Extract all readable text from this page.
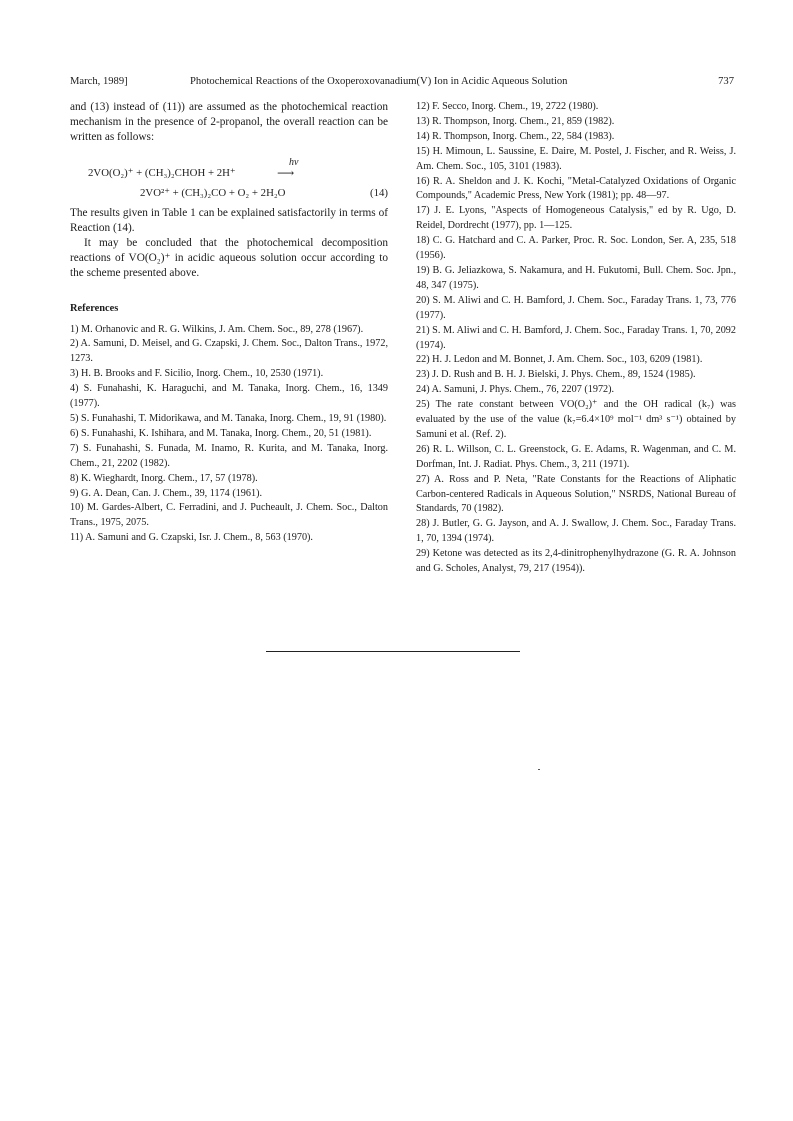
March, 1989]	Photochemical Reactions of the Oxoperoxovanadium(V) Ion in Acidic Aqueous Solution	737

and (13) instead of (11)) are assumed as the photochemical reaction mechanism in the presence of 2-propanol, the overall reaction can be written as follows:

2VO(O₂)⁺ + (CH₃)₂CHOH + 2H⁺
hν
⟶
2VO²⁺ + (CH₃)₂CO + O₂ + 2H₂O	(14)

The results given in Table 1 can be explained satisfactorily in terms of Reaction (14).

It may be concluded that the photochemical decomposition reactions of VO(O₂)⁺ in acidic aqueous solution occur according to the scheme presented above.

References

1) M. Orhanovic and R. G. Wilkins, J. Am. Chem. Soc., 89, 278 (1967).

2) A. Samuni, D. Meisel, and G. Czapski, J. Chem. Soc., Dalton Trans., 1972, 1273.

3) H. B. Brooks and F. Sicilio, Inorg. Chem., 10, 2530 (1971).

4) S. Funahashi, K. Haraguchi, and M. Tanaka, Inorg. Chem., 16, 1349 (1977).

5) S. Funahashi, T. Midorikawa, and M. Tanaka, Inorg. Chem., 19, 91 (1980).

6) S. Funahashi, K. Ishihara, and M. Tanaka, Inorg. Chem., 20, 51 (1981).

7) S. Funahashi, S. Funada, M. Inamo, R. Kurita, and M. Tanaka, Inorg. Chem., 21, 2202 (1982).

8) K. Wieghardt, Inorg. Chem., 17, 57 (1978).

9) G. A. Dean, Can. J. Chem., 39, 1174 (1961).

10) M. Gardes-Albert, C. Ferradini, and J. Pucheault, J. Chem. Soc., Dalton Trans., 1975, 2075.

11) A. Samuni and G. Czapski, Isr. J. Chem., 8, 563 (1970).

12) F. Secco, Inorg. Chem., 19, 2722 (1980).

13) R. Thompson, Inorg. Chem., 21, 859 (1982).

14) R. Thompson, Inorg. Chem., 22, 584 (1983).

15) H. Mimoun, L. Saussine, E. Daire, M. Postel, J. Fischer, and R. Weiss, J. Am. Chem. Soc., 105, 3101 (1983).

16) R. A. Sheldon and J. K. Kochi, "Metal-Catalyzed Oxidations of Organic Compounds," Academic Press, New York (1981); pp. 48—97.

17) J. E. Lyons, "Aspects of Homogeneous Catalysis," ed by R. Ugo, D. Reidel, Dordrecht (1977), pp. 1—125.

18) C. G. Hatchard and C. A. Parker, Proc. R. Soc. London, Ser. A, 235, 518 (1956).

19) B. G. Jeliazkowa, S. Nakamura, and H. Fukutomi, Bull. Chem. Soc. Jpn., 48, 347 (1975).

20) S. M. Aliwi and C. H. Bamford, J. Chem. Soc., Faraday Trans. 1, 73, 776 (1977).

21) S. M. Aliwi and C. H. Bamford, J. Chem. Soc., Faraday Trans. 1, 70, 2092 (1974).

22) H. J. Ledon and M. Bonnet, J. Am. Chem. Soc., 103, 6209 (1981).

23) J. D. Rush and B. H. J. Bielski, J. Phys. Chem., 89, 1524 (1985).

24) A. Samuni, J. Phys. Chem., 76, 2207 (1972).

25) The rate constant between VO(O₂)⁺ and the OH radical (k₇) was evaluated by the use of the value (k₇=6.4×10⁹ mol⁻¹ dm³ s⁻¹) obtained by Samuni et al. (Ref. 2).

26) R. L. Willson, C. L. Greenstock, G. E. Adams, R. Wagenman, and C. M. Dorfman, Int. J. Radiat. Phys. Chem., 3, 211 (1971).

27) A. Ross and P. Neta, "Rate Constants for the Reactions of Aliphatic Carbon-centered Radicals in Aqueous Solution," NSRDS, National Bureau of Standards, 70 (1982).

28) J. Butler, G. G. Jayson, and A. J. Swallow, J. Chem. Soc., Faraday Trans. 1, 70, 1394 (1974).

29) Ketone was detected as its 2,4-dinitrophenylhydrazone (G. R. A. Johnson and G. Scholes, Analyst, 79, 217 (1954)).
